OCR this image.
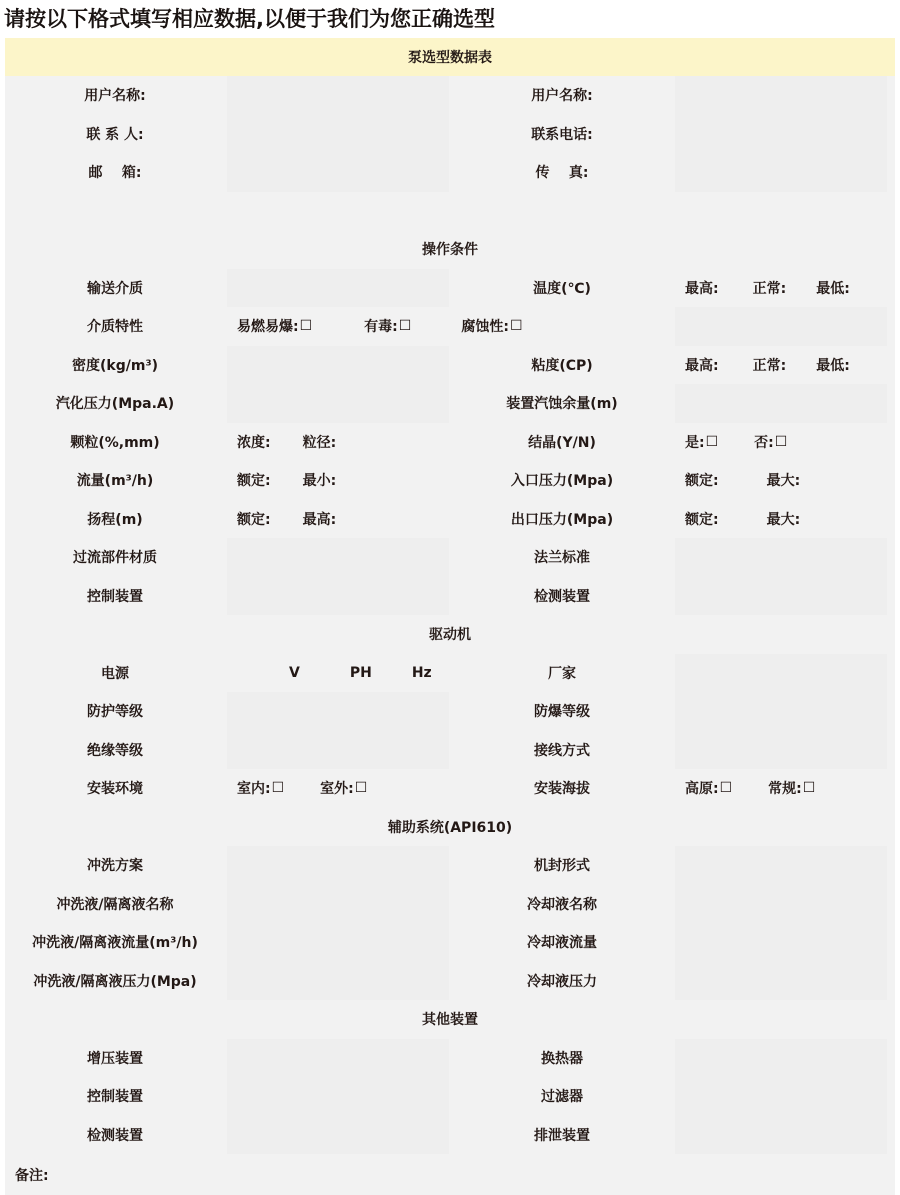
请按以下格式填写相应数据,以便于我们为您正确选型
泵选型数据表
用户名称:	用户名称:
联 系 人:	联系电话:
邮    箱:	传    真:
操作条件
输送介质	温度(℃)	最高: 正常: 最低:
介质特性	易燃易爆: ☐	有毒: ☐	腐蚀性: ☐
密度(kg/m³)	粘度(CP)	最高: 正常: 最低:
汽化压力(Mpa.A)	装置汽蚀余量(m)
颗粒(%,mm)	浓度: 粒径:	结晶(Y/N)	是: ☐	否: ☐
流量(m³/h)	额定: 最小:	入口压力(Mpa)	额定:	最大:
扬程(m)	额定: 最高:	出口压力(Mpa)	额定:	最大:
过流部件材质	法兰标准
控制装置	检测装置
驱动机
电源	V	PH	Hz	厂家
防护等级	防爆等级
绝缘等级	接线方式
安装环境	室内: ☐	室外: ☐	安装海拔	高原: ☐	常规: ☐
辅助系统(API610)
冲洗方案	机封形式
冲洗液/隔离液名称	冷却液名称
冲洗液/隔离液流量(m³/h)	冷却液流量
冲洗液/隔离液压力(Mpa)	冷却液压力
其他装置
增压装置	换热器
控制装置	过滤器
检测装置	排泄装置
备注:
